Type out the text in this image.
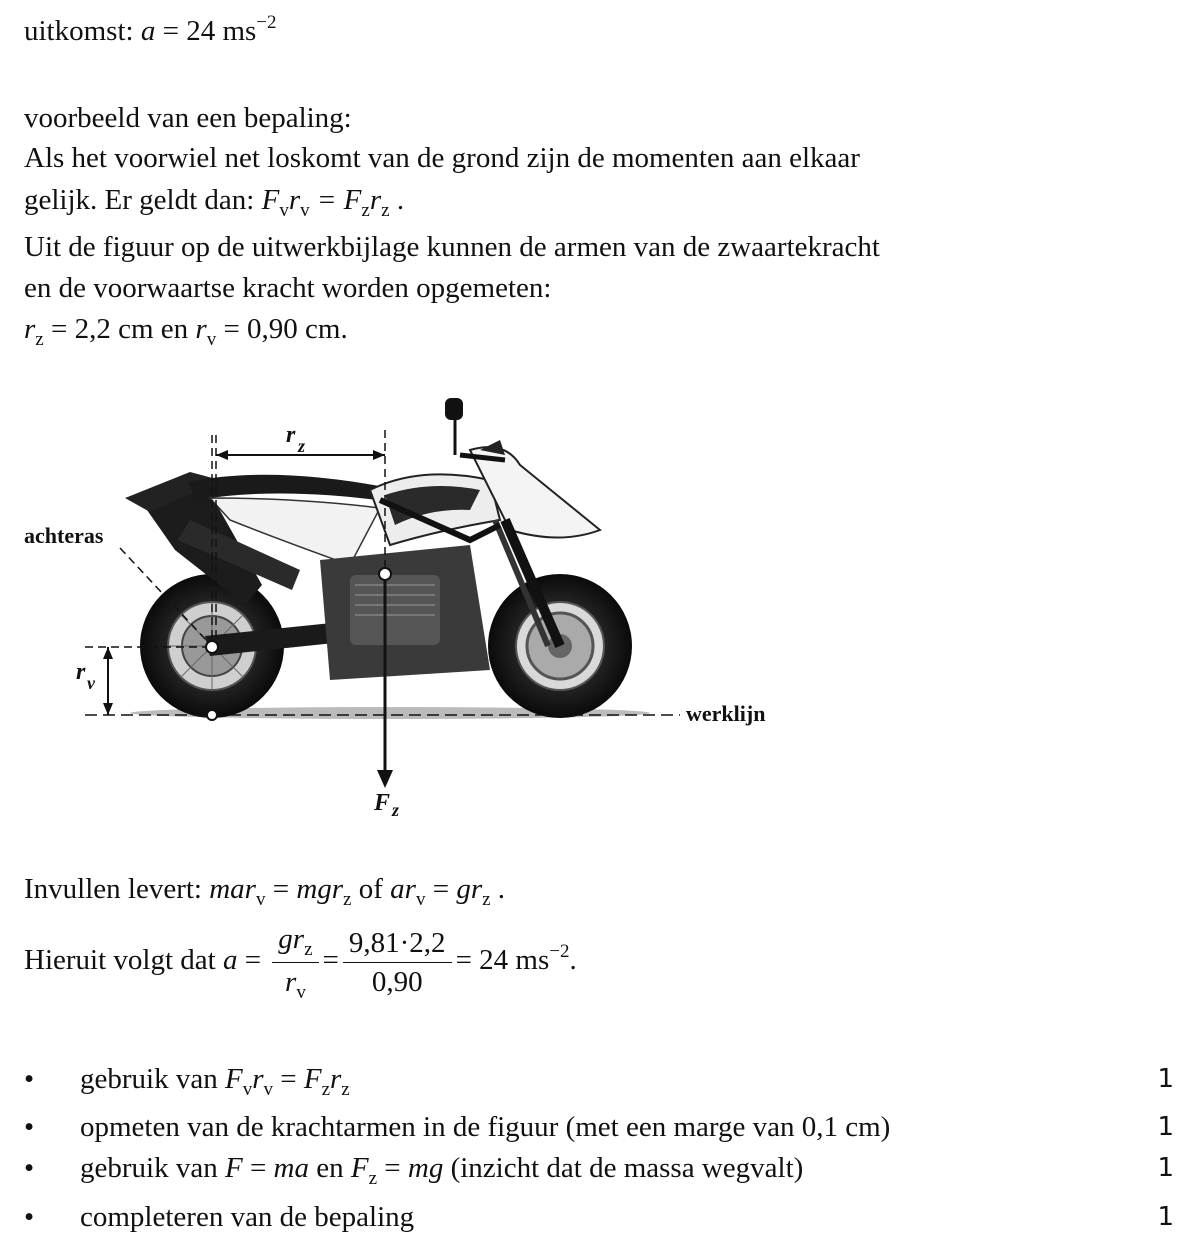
uitkomst: a = 24 $ms^{-2}$
voorbeeld van een bepaling:
Als het voorwiel net loskomt van de grond zijn de momenten aan elkaar
gelijk. Er geldt dan: $F_vr_v = F_zr_z$ .
Uit de figuur op de uitwerkbijlage kunnen de armen van de zwaartekracht
en de voorwaartse kracht worden opgemeten:
$r_z = 2,2$ cm en $r_v = 0,90$ cm.
r z
F z
achteras
r v
werklijn
Invullen levert: mar$_v$ = mgr$_z$ of $ar_v = gr_z$ .
Hieruit volgt dat $a = \frac{gr_z}{r_v} = \frac{9,81\cdot 2,2}{0,90} = 24$ $ms^{-2}$.
• gebruik van $F_vr_v = F_zr_z$	1
• opmeten van de krachtarmen in de figuur (met een marge van 0,1 cm)	1
• gebruik van F = ma en $F_z$ = mg (inzicht dat de massa wegvalt)	1
• completeren van de bepaling	1
